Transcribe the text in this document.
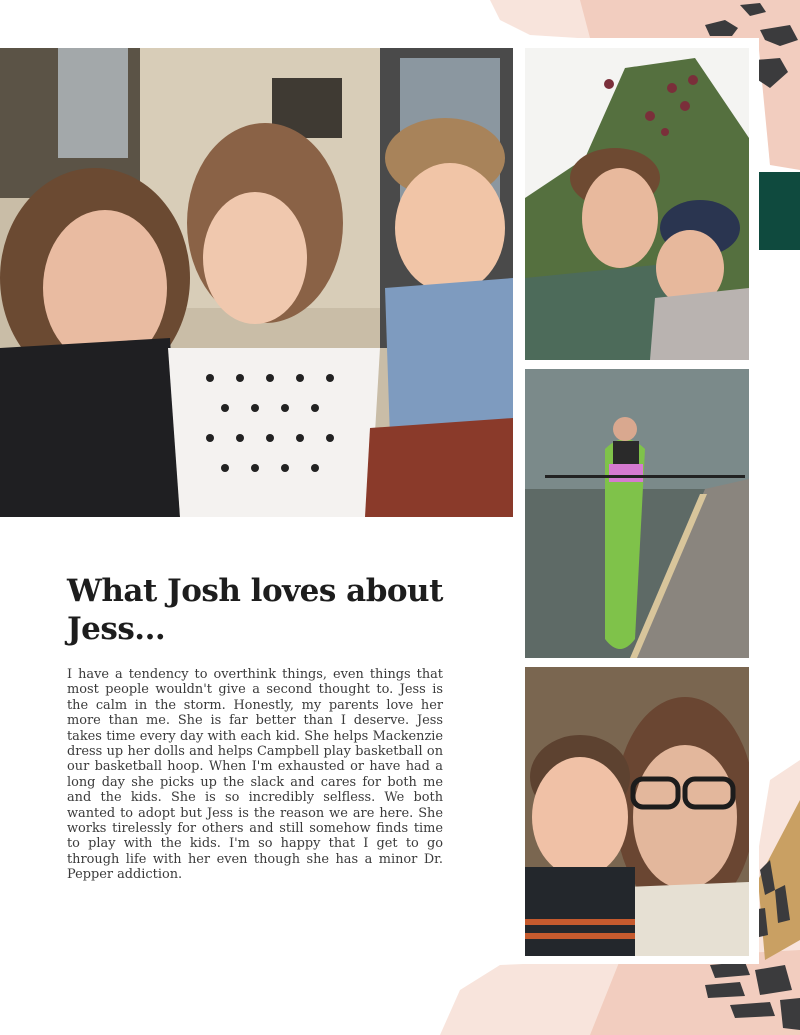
What Josh loves about Jess...

I have a tendency to overthink things, even things that most people wouldn't give a second thought to. Jess is the calm in the storm. Honestly, my parents love her more than me. She is far better than I deserve. Jess takes time every day with each kid. She helps Mackenzie dress up her dolls and helps Campbell play basketball on our basketball hoop. When I'm exhausted or have had a long day she picks up the slack and cares for both me and the kids. She is so incredibly selfless. We both wanted to adopt but Jess is the reason we are here. She works tirelessly for others and still somehow finds time to play with the kids. I'm so happy that I get to go through life with her even though she has a minor Dr. Pepper addiction.
